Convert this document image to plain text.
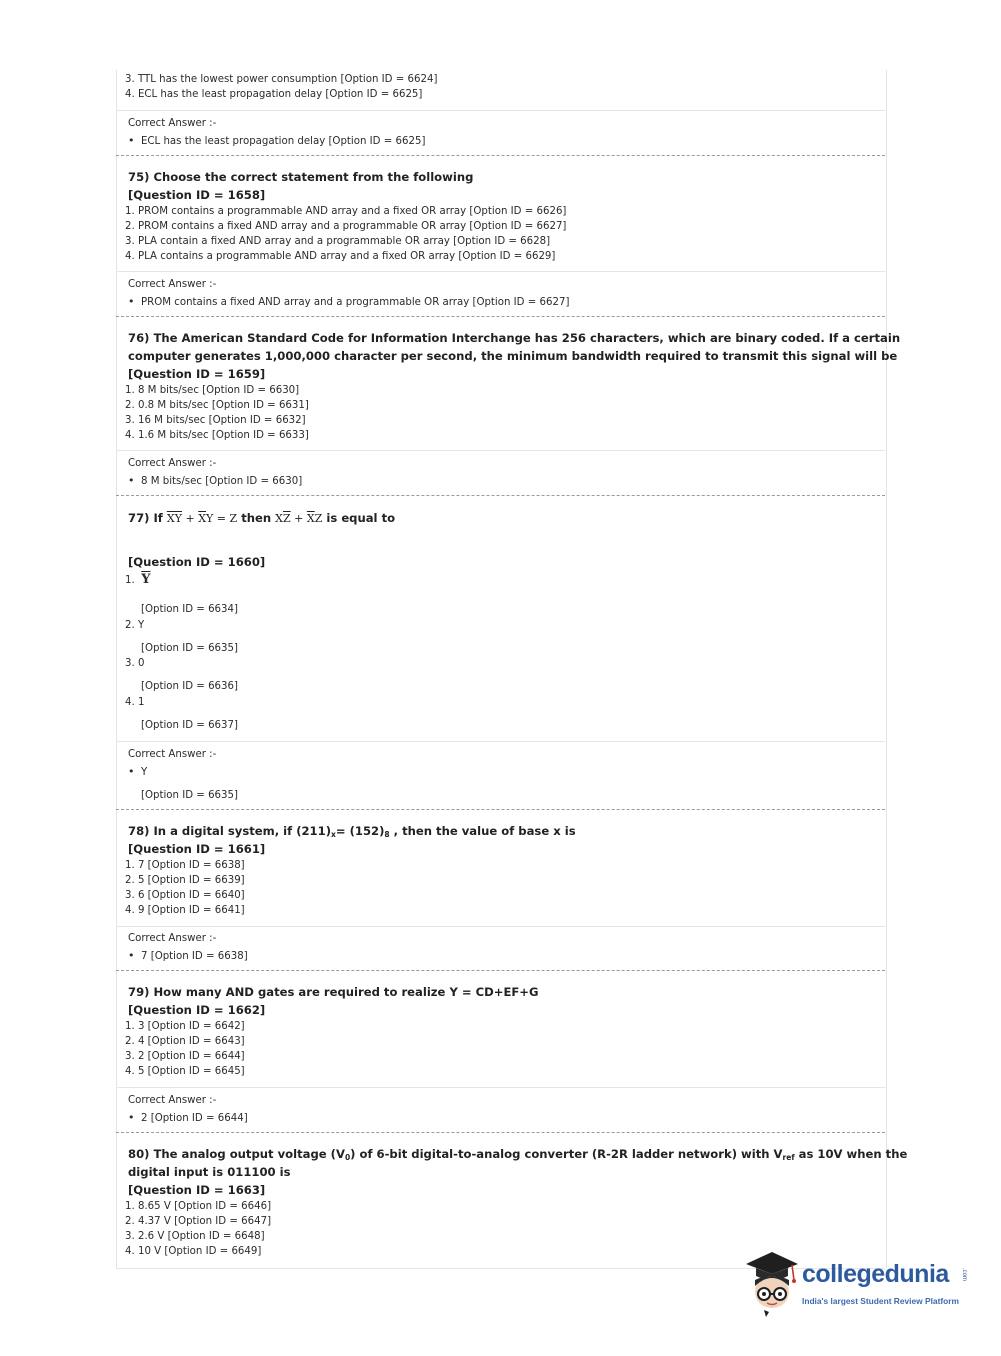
3. TTL has the lowest power consumption [Option ID = 6624]
4. ECL has the least propagation delay [Option ID = 6625]
Correct Answer :-
• ECL has the least propagation delay [Option ID = 6625]
75) Choose the correct statement from the following
[Question ID = 1658]
1. PROM contains a programmable AND array and a fixed OR array [Option ID = 6626]
2. PROM contains a fixed AND array and a programmable OR array [Option ID = 6627]
3. PLA contain a fixed AND array and a programmable OR array [Option ID = 6628]
4. PLA contains a programmable AND array and a fixed OR array [Option ID = 6629]
Correct Answer :-
• PROM contains a fixed AND array and a programmable OR array [Option ID = 6627]
76) The American Standard Code for Information Interchange has 256 characters, which are binary coded. If a certain
computer generates 1,000,000 character per second, the minimum bandwidth required to transmit this signal will be
[Question ID = 1659]
1. 8 M bits/sec [Option ID = 6630]
2. 0.8 M bits/sec [Option ID = 6631]
3. 16 M bits/sec [Option ID = 6632]
4. 1.6 M bits/sec [Option ID = 6633]
Correct Answer :-
• 8 M bits/sec [Option ID = 6630]
77) If $\overline{XY} + \overline{X}Y = Z$ then $X\overline{Z} + \overline{X}Z$ is equal to
[Question ID = 1660]
1. $\overline{Y}$
[Option ID = 6634]
2. Y
[Option ID = 6635]
3. 0
[Option ID = 6636]
4. 1
[Option ID = 6637]
Correct Answer :-
• Y
[Option ID = 6635]
78) In a digital system, if $(211)_x= (152)_8$ , then the value of base x is
[Question ID = 1661]
1. 7 [Option ID = 6638]
2. 5 [Option ID = 6639]
3. 6 [Option ID = 6640]
4. 9 [Option ID = 6641]
Correct Answer :-
• 7 [Option ID = 6638]
79) How many AND gates are required to realize Y = CD+EF+G
[Question ID = 1662]
1. 3 [Option ID = 6642]
2. 4 [Option ID = 6643]
3. 2 [Option ID = 6644]
4. 5 [Option ID = 6645]
Correct Answer :-
• 2 [Option ID = 6644]
80) The analog output voltage $(V_0)$ of 6-bit digital-to-analog converter (R-2R ladder network) with $V_{ref}$ as 10V when the
digital input is 011100 is
[Question ID = 1663]
1. 8.65 V [Option ID = 6646]
2. 4.37 V [Option ID = 6647]
3. 2.6 V [Option ID = 6648]
4. 10 V [Option ID = 6649]
collegedunia .com
India's largest Student Review Platform
